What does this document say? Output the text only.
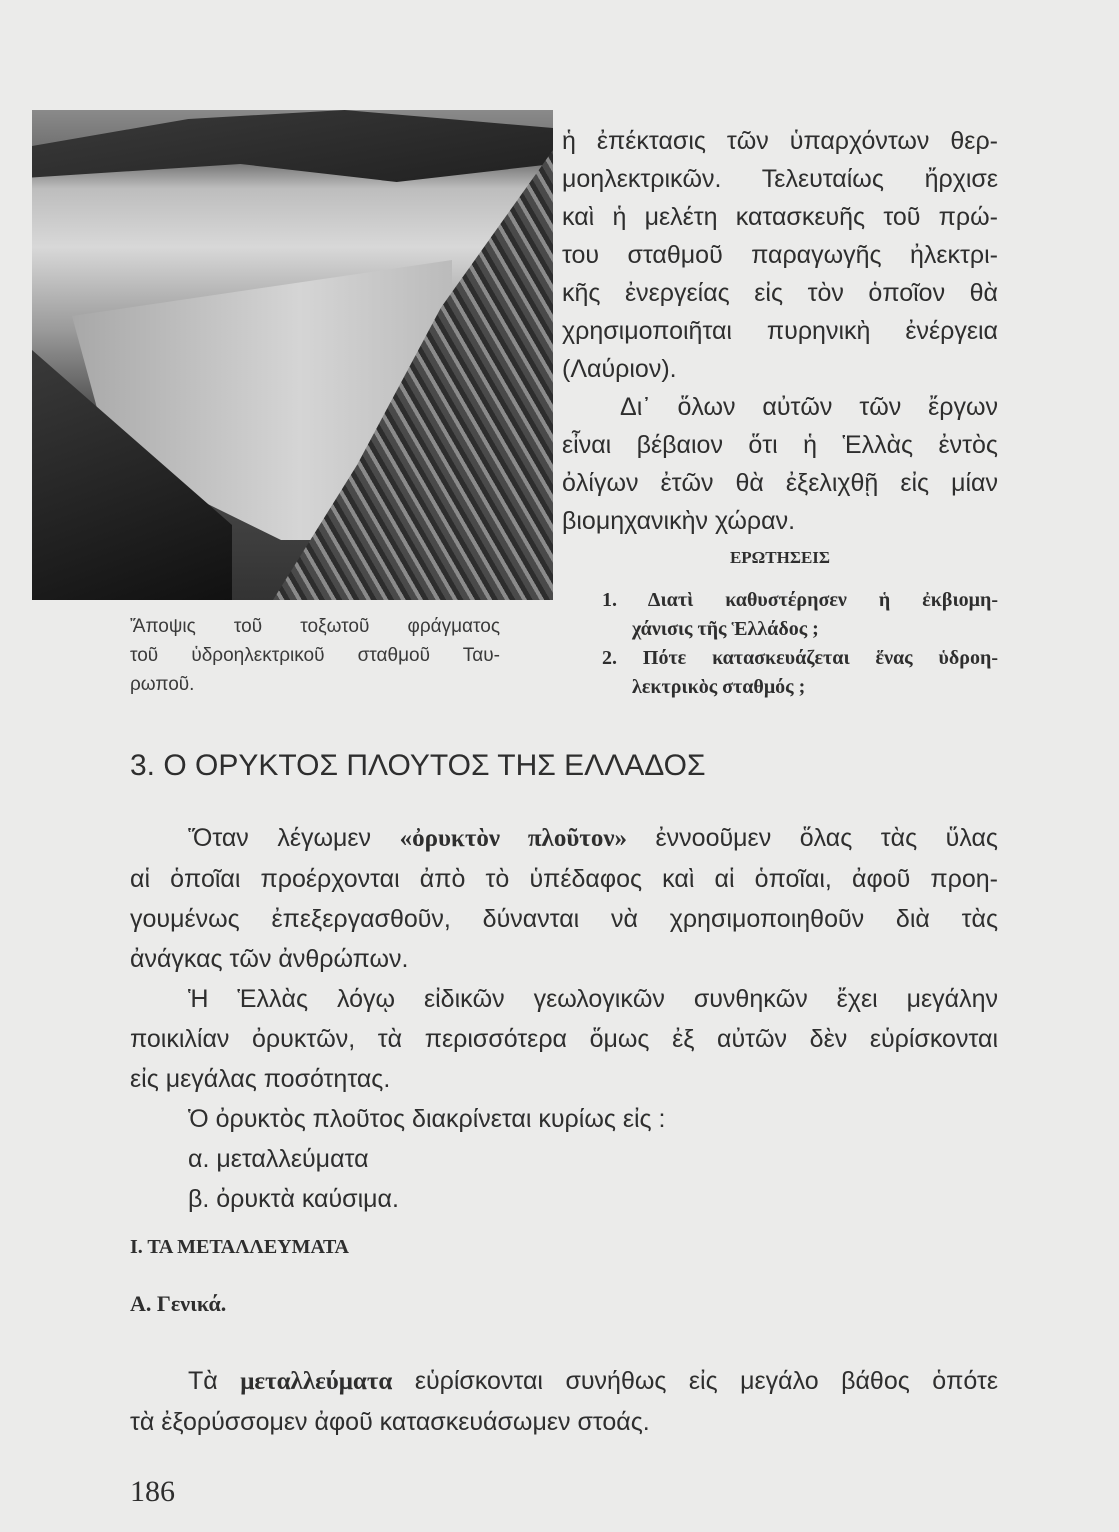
Ἄποψις τοῦ τοξωτοῦ φράγματος
τοῦ ὑδροηλεκτρικοῦ σταθμοῦ Ταυ-
ρωποῦ.
ἡ ἐπέκτασις τῶν ὑπαρχόντων θερ-
μοηλεκτρικῶν. Τελευταίως ἤρχισε
καὶ ἡ μελέτη κατασκευῆς τοῦ πρώ-
του σταθμοῦ παραγωγῆς ἠλεκτρι-
κῆς ἐνεργείας εἰς τὸν ὁποῖον θὰ
χρησιμοποιῆται πυρηνικὴ ἐνέργεια
(Λαύριον).
Δι᾽ ὅλων αὐτῶν τῶν ἔργων
εἶναι βέβαιον ὅτι ἡ Ἑλλὰς ἐντὸς
ὀλίγων ἐτῶν θὰ ἐξελιχθῇ εἰς μίαν
βιομηχανικὴν χώραν.
ΕΡΩΤΗΣΕΙΣ
1. Διατὶ καθυστέρησεν ἡ ἐκβιομη-
χάνισις τῆς Ἑλλάδος ;
2. Πότε κατασκευάζεται ἕνας ὑδροη-
λεκτρικὸς σταθμός ;
3. Ο ΟΡΥΚΤΟΣ ΠΛΟΥΤΟΣ ΤΗΣ ΕΛΛΑΔΟΣ
Ὅταν λέγωμεν «ὀρυκτὸν πλοῦτον» ἐννοοῦμεν ὅλας τὰς ὕλας
αἱ ὁποῖαι προέρχονται ἀπὸ τὸ ὑπέδαφος καὶ αἱ ὁποῖαι, ἀφοῦ προη-
γουμένως ἐπεξεργασθοῦν, δύνανται νὰ χρησιμοποιηθοῦν διὰ τὰς
ἀνάγκας τῶν ἀνθρώπων.
Ἡ Ἑλλὰς λόγῳ εἰδικῶν γεωλογικῶν συνθηκῶν ἔχει μεγάλην
ποικιλίαν ὀρυκτῶν, τὰ περισσότερα ὅμως ἐξ αὐτῶν δὲν εὑρίσκονται
εἰς μεγάλας ποσότητας.
Ὁ ὀρυκτὸς πλοῦτος διακρίνεται κυρίως εἰς :
α. μεταλλεύματα
β. ὀρυκτὰ καύσιμα.
Ι. ΤΑ ΜΕΤΑΛΛΕΥΜΑΤΑ
Α. Γενικά.
Τὰ μεταλλεύματα εὑρίσκονται συνήθως εἰς μεγάλο βάθος ὁπότε
τὰ ἐξορύσσομεν ἀφοῦ κατασκευάσωμεν στοάς.
186
